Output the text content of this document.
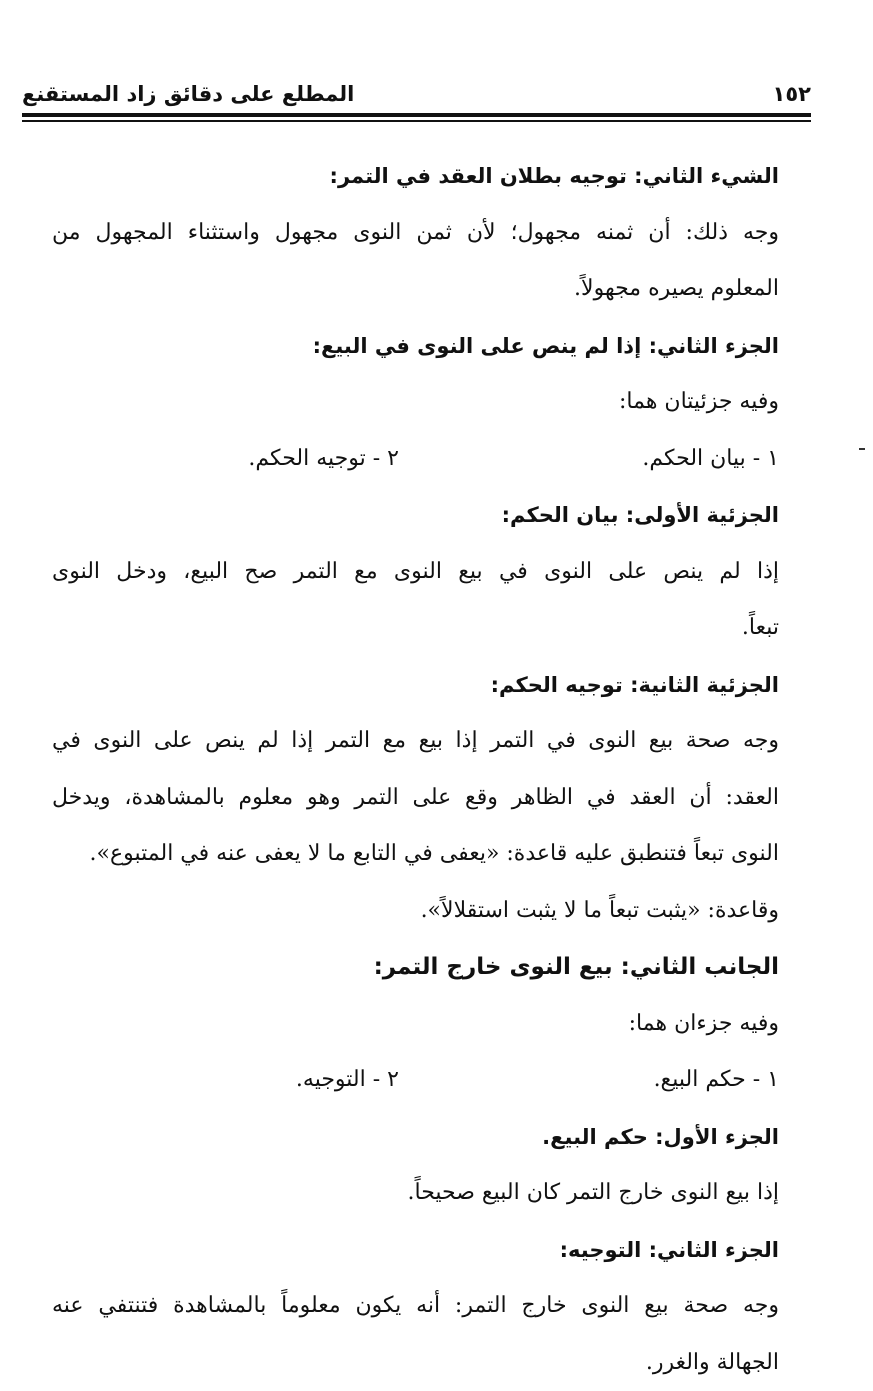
المطلع على دقائق زاد المستقنع	١٥٢
الشيء الثاني: توجيه بطلان العقد في التمر:
وجه ذلك: أن ثمنه مجهول؛ لأن ثمن النوى مجهول واستثناء المجهول من
المعلوم يصيره مجهولاً.
الجزء الثاني: إذا لم ينص على النوى في البيع:
وفيه جزئيتان هما:
١ - بيان الحكم.
٢ - توجيه الحكم.
الجزئية الأولى: بيان الحكم:
إذا لم ينص على النوى في بيع النوى مع التمر صح البيع، ودخل النوى
تبعاً.
الجزئية الثانية: توجيه الحكم:
وجه صحة بيع النوى في التمر إذا بيع مع التمر إذا لم ينص على النوى في
العقد: أن العقد في الظاهر وقع على التمر وهو معلوم بالمشاهدة، ويدخل
النوى تبعاً فتنطبق عليه قاعدة: «يعفى في التابع ما لا يعفى عنه في المتبوع».
وقاعدة: «يثبت تبعاً ما لا يثبت استقلالاً».
الجانب الثاني: بيع النوى خارج التمر:
وفيه جزءان هما:
١ - حكم البيع.
٢ - التوجيه.
الجزء الأول: حكم البيع.
إذا بيع النوى خارج التمر كان البيع صحيحاً.
الجزء الثاني: التوجيه:
وجه صحة بيع النوى خارج التمر: أنه يكون معلوماً بالمشاهدة فتنتفي عنه
الجهالة والغرر.
